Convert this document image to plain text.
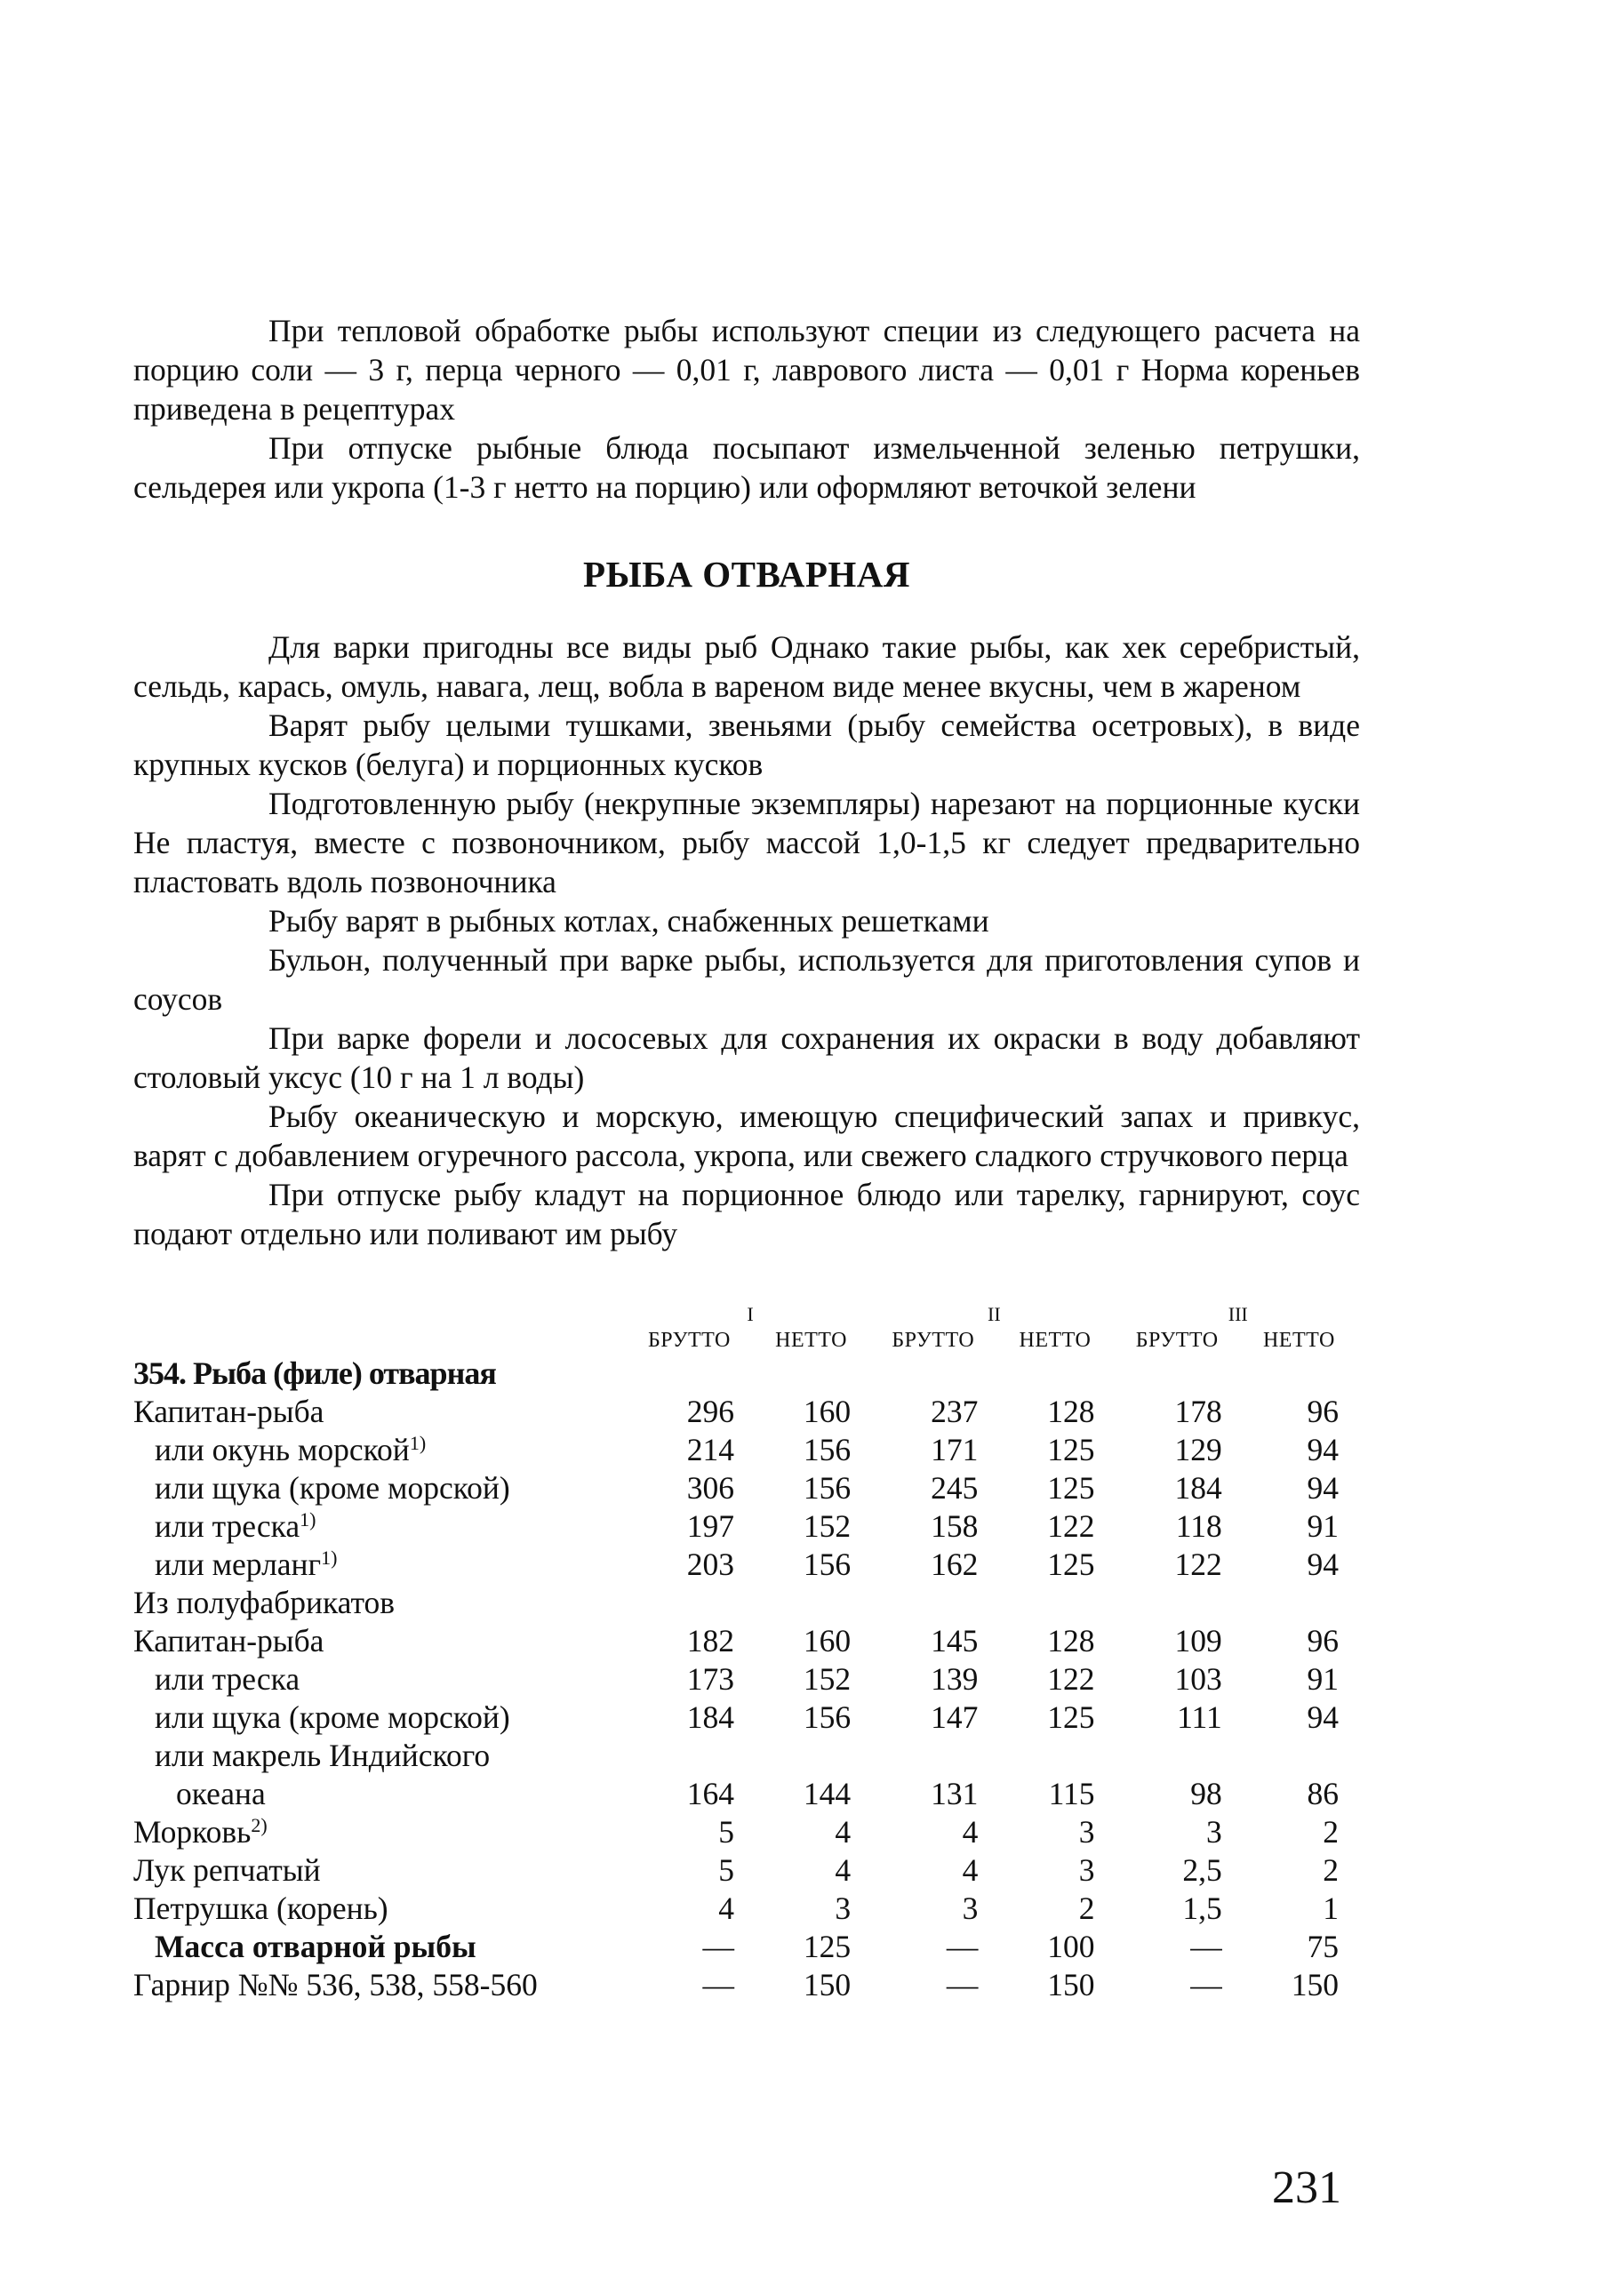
При тепловой обработке рыбы используют специи из следующего расчета на порцию соли — 3 г, перца черного — 0,01 г, лаврового листа — 0,01 г Норма кореньев приведена в рецептурах

При отпуске рыбные блюда посыпают измельченной зеленью петрушки, сельдерея или укропа (1-3 г нетто на порцию) или оформляют веточкой зелени

РЫБА ОТВАРНАЯ

Для варки пригодны все виды рыб Однако такие рыбы, как хек серебристый, сельдь, карась, омуль, навага, лещ, вобла в вареном виде менее вкусны, чем в жареном

Варят рыбу целыми тушками, звеньями (рыбу семейства осетровых), в виде крупных кусков (белуга) и порционных кусков

Подготовленную рыбу (некрупные экземпляры) нарезают на порционные куски Не пластуя, вместе с позвоночником, рыбу массой 1,0-1,5 кг следует предварительно пластовать вдоль позвоночника

Рыбу варят в рыбных котлах, снабженных решетками

Бульон, полученный при варке рыбы, используется для приготовления супов и соусов

При варке форели и лососевых для сохранения их окраски в воду добавляют столовый уксус (10 г на 1 л воды)

Рыбу океаническую и морскую, имеющую специфический запах и привкус, варят с добавлением огуречного рассола, укропа, или свежего сладкого стручкового перца

При отпуске рыбу кладут на порционное блюдо или тарелку, гарнируют, соус подают отдельно или поливают им рыбу

	I		II		III	
	БРУТТО	НЕТТО	БРУТТО	НЕТТО	БРУТТО	НЕТТО
354. Рыба (филе) отварная						
Капитан-рыба	296	160	237	128	178	96
или окунь морской$^{1)}$	214	156	171	125	129	94
или щука (кроме морской)	306	156	245	125	184	94
или треска$^{1)}$	197	152	158	122	118	91
или мерланг$^{1)}$	203	156	162	125	122	94
Из полуфабрикатов						
Капитан-рыба	182	160	145	128	109	96
или треска	173	152	139	122	103	91
или щука (кроме морской)	184	156	147	125	111	94
или макрель Индийского						
океана	164	144	131	115	98	86
Морковь$^{2)}$	5	4	4	3	3	2
Лук репчатый	5	4	4	3	2,5	2
Петрушка (корень)	4	3	3	2	1,5	1
Масса отварной рыбы	—	125	—	100	—	75
Гарнир №№ 536, 538, 558-560	—	150	—	150	—	150
231
